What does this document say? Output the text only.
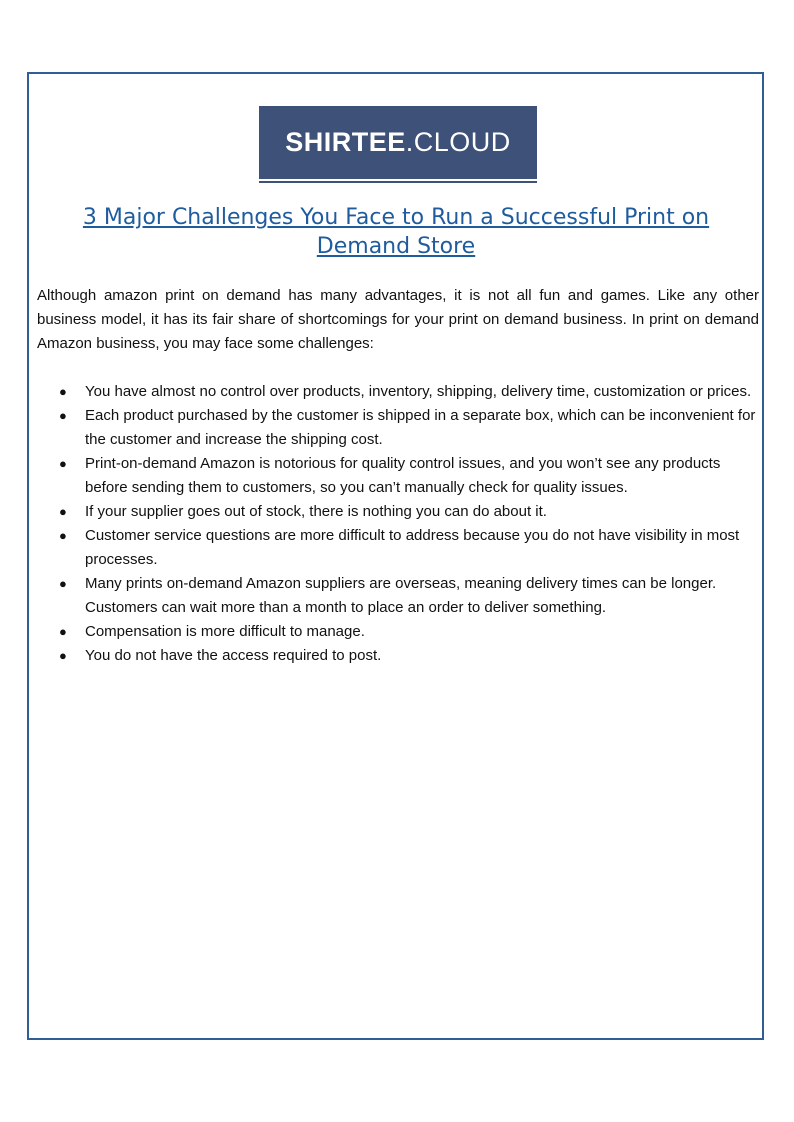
SHIRTEE.CLOUD
3 Major Challenges You Face to Run a Successful Print on Demand Store

Although amazon print on demand has many advantages, it is not all fun and games. Like any other business model, it has its fair share of shortcomings for your print on demand business. In print on demand Amazon business, you may face some challenges:

● You have almost no control over products, inventory, shipping, delivery time, customization or prices.
● Each product purchased by the customer is shipped in a separate box, which can be inconvenient for the customer and increase the shipping cost.
● Print-on-demand Amazon is notorious for quality control issues, and you won’t see any products before sending them to customers, so you can’t manually check for quality issues.
● If your supplier goes out of stock, there is nothing you can do about it.
● Customer service questions are more difficult to address because you do not have visibility in most processes.
● Many prints on-demand Amazon suppliers are overseas, meaning delivery times can be longer. Customers can wait more than a month to place an order to deliver something.
● Compensation is more difficult to manage.
● You do not have the access required to post.
